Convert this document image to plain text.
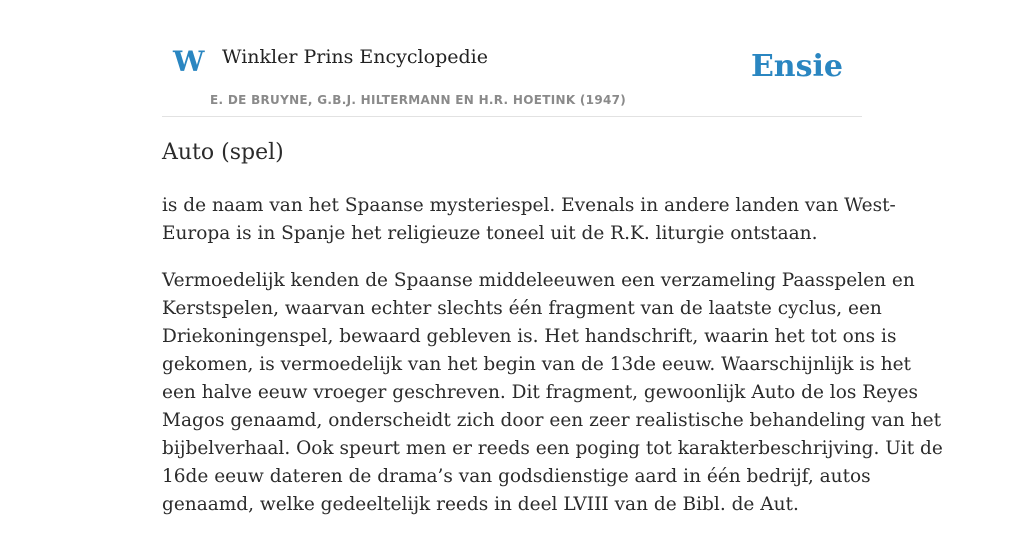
W Winkler Prins Encyclopedie
E. DE BRUYNE, G.B.J. HILTERMANN EN H.R. HOETINK (1947)
Ensie
Auto (spel)

is de naam van het Spaanse mysteriespel. Evenals in andere landen van West-
Europa is in Spanje het religieuze toneel uit de R.K. liturgie ontstaan.

Vermoedelijk kenden de Spaanse middeleeuwen een verzameling Paasspelen en
Kerstspelen, waarvan echter slechts één fragment van de laatste cyclus, een
Driekoningenspel, bewaard gebleven is. Het handschrift, waarin het tot ons is
gekomen, is vermoedelijk van het begin van de 13de eeuw. Waarschijnlijk is het
een halve eeuw vroeger geschreven. Dit fragment, gewoonlijk Auto de los Reyes
Magos genaamd, onderscheidt zich door een zeer realistische behandeling van het
bijbelverhaal. Ook speurt men er reeds een poging tot karakterbeschrijving. Uit de
16de eeuw dateren de drama’s van godsdienstige aard in één bedrijf, autos
genaamd, welke gedeeltelijk reeds in deel LVIII van de Bibl. de Aut.
